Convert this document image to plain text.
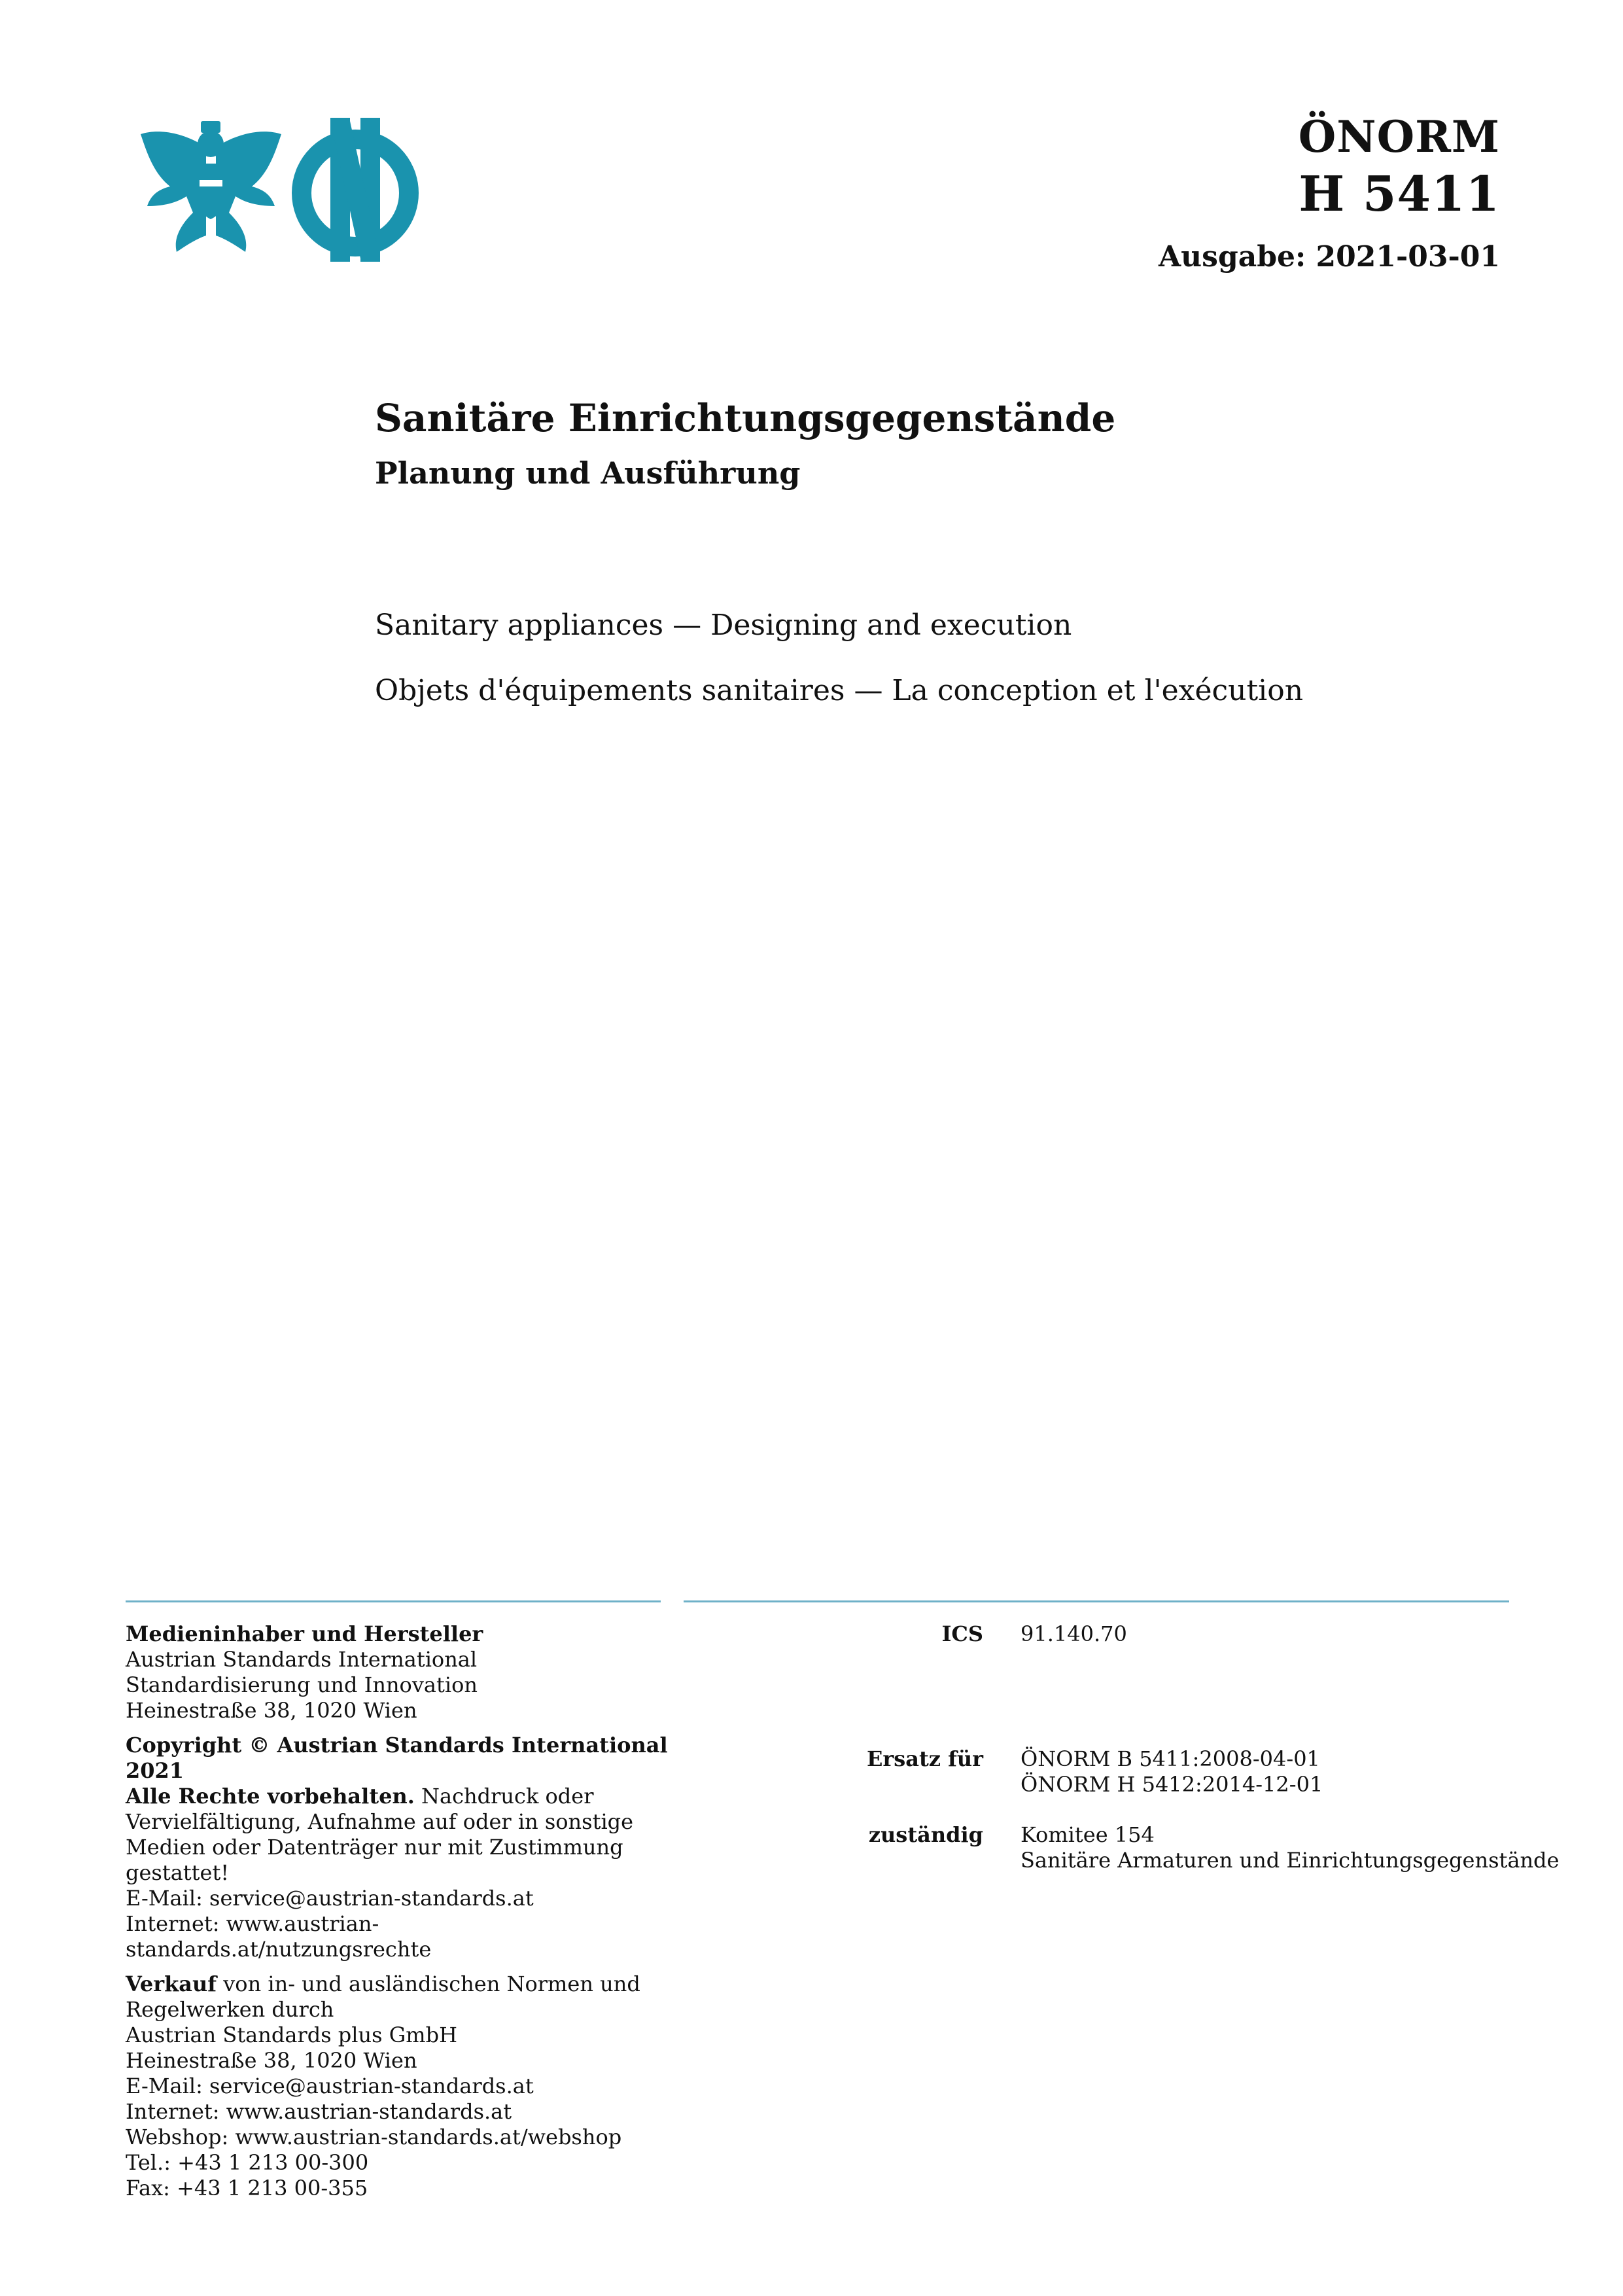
ÖNORM
H 5411
Ausgabe: 2021-03-01
Sanitäre Einrichtungsgegenstände
Planung und Ausführung
Sanitary appliances — Designing and execution
Objets d'équipements sanitaires — La conception et l'exécution
Medieninhaber und Hersteller
Austrian Standards International
Standardisierung und Innovation
Heinestraße 38, 1020 Wien
Copyright © Austrian Standards International 2021
Alle Rechte vorbehalten. Nachdruck oder
Vervielfältigung, Aufnahme auf oder in sonstige
Medien oder Datenträger nur mit Zustimmung
gestattet!
E-Mail: service@austrian-standards.at
Internet: www.austrian-standards.at/nutzungsrechte
Verkauf von in- und ausländischen Normen und
Regelwerken durch
Austrian Standards plus GmbH
Heinestraße 38, 1020 Wien
E-Mail: service@austrian-standards.at
Internet: www.austrian-standards.at
Webshop: www.austrian-standards.at/webshop
Tel.: +43 1 213 00-300
Fax: +43 1 213 00-355
ICS 91.140.70
Ersatz für ÖNORM B 5411:2008-04-01
ÖNORM H 5412:2014-12-01
zuständig Komitee 154
Sanitäre Armaturen und Einrichtungsgegenstände
